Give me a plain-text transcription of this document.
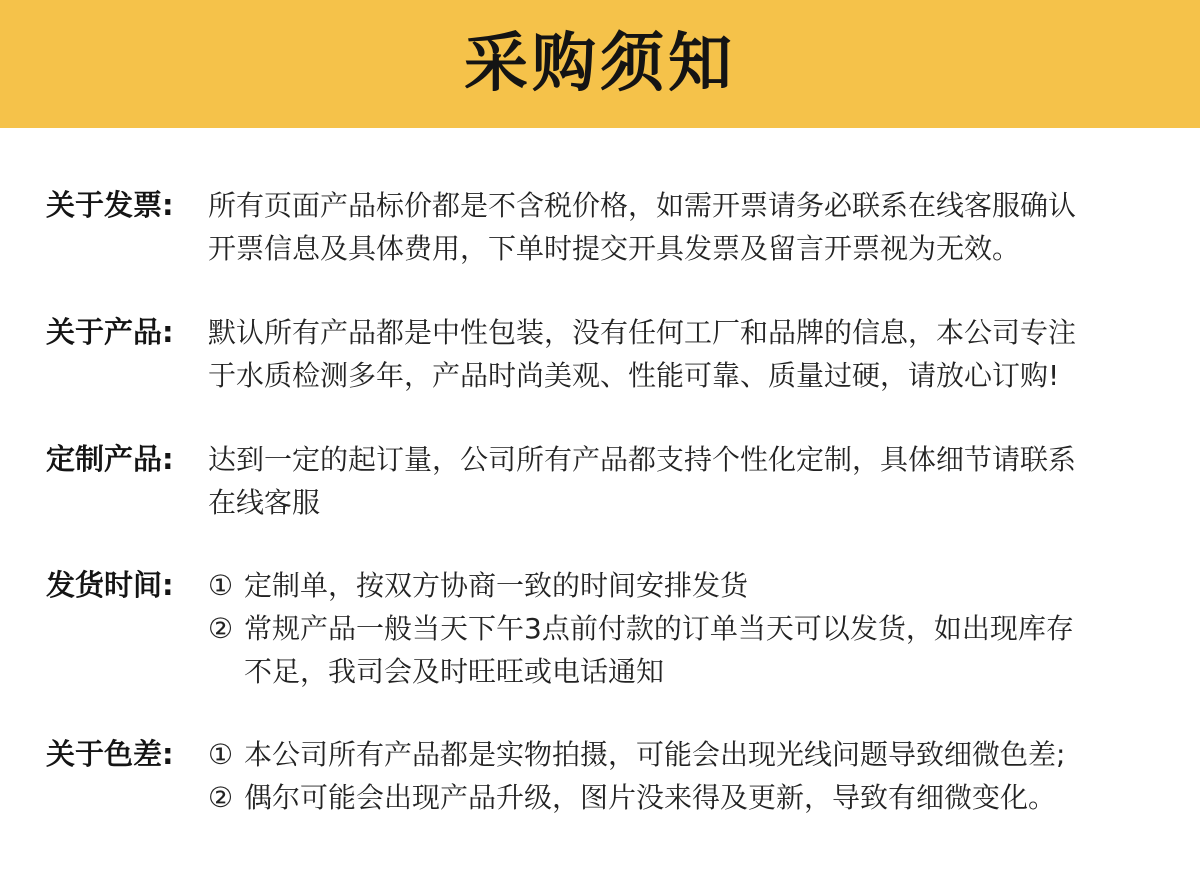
采购须知
关于发票: 所有页面产品标价都是不含税价格，如需开票请务必联系在线客服确认
开票信息及具体费用，下单时提交开具发票及留言开票视为无效。
关于产品: 默认所有产品都是中性包装，没有任何工厂和品牌的信息，本公司专注
于水质检测多年，产品时尚美观、性能可靠、质量过硬，请放心订购!
定制产品: 达到一定的起订量，公司所有产品都支持个性化定制，具体细节请联系
在线客服
发货时间: ① 定制单，按双方协商一致的时间安排发货
② 常规产品一般当天下午3点前付款的订单当天可以发货，如出现库存
不足，我司会及时旺旺或电话通知
关于色差: ① 本公司所有产品都是实物拍摄，可能会出现光线问题导致细微色差;
② 偶尔可能会出现产品升级，图片没来得及更新，导致有细微变化。
